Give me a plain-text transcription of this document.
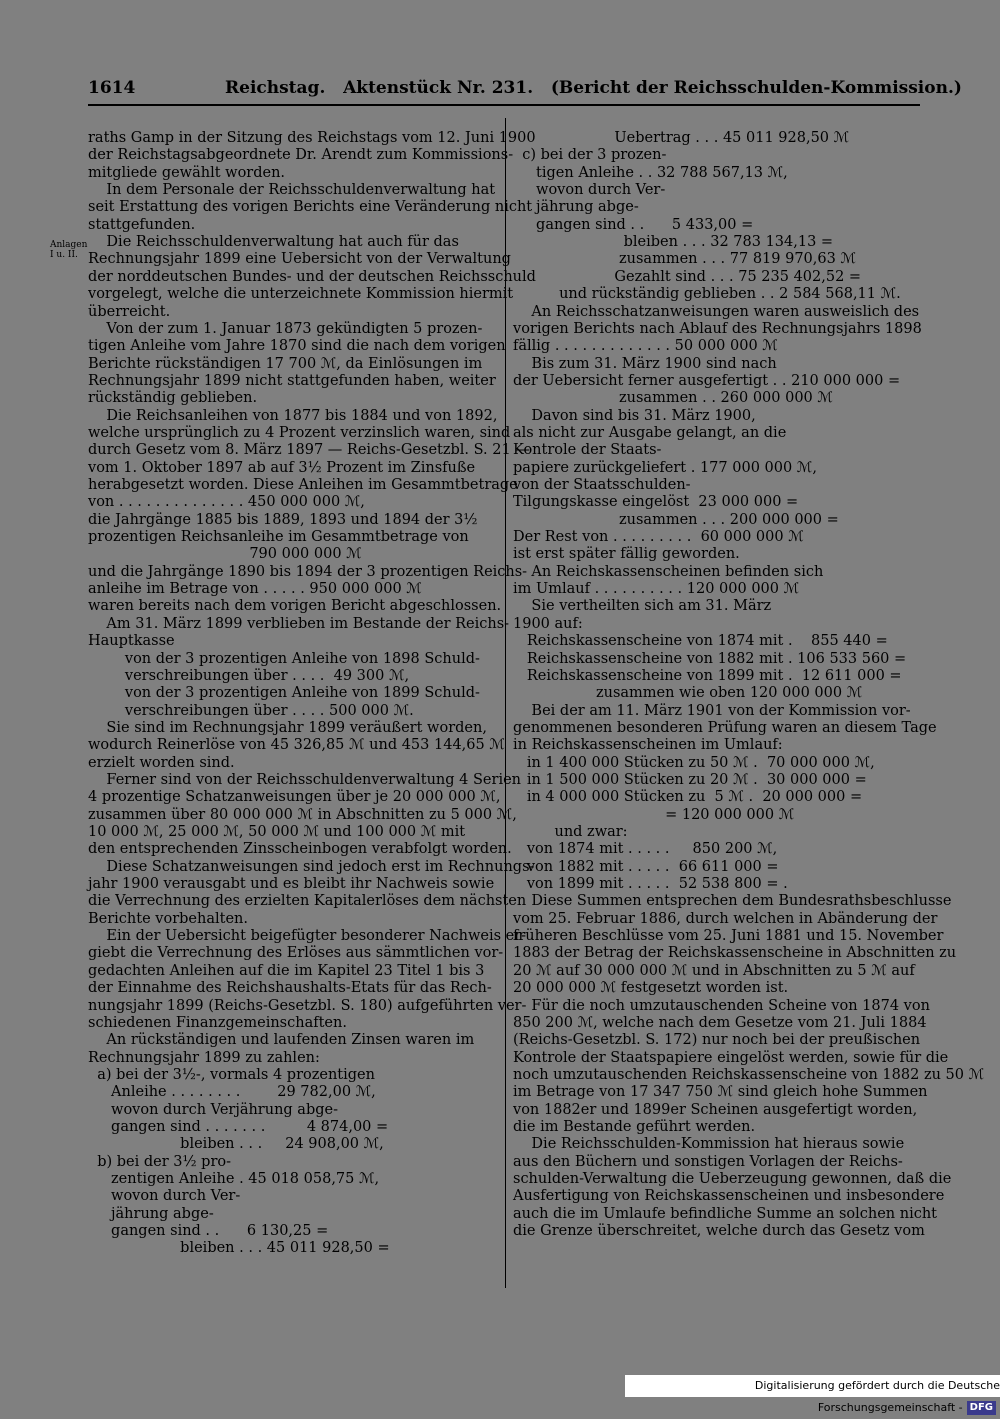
1614	Reichstag.   Aktenstück Nr. 231.   (Bericht der Reichsschulden-Kommission.)
Anlagen
I u. II.
raths Gamp in der Sitzung des Reichstags vom 12. Juni 1900
der Reichstagsabgeordnete Dr. Arendt zum Kommissions-
mitgliede gewählt worden.
In dem Personale der Reichsschuldenverwaltung hat
seit Erstattung des vorigen Berichts eine Veränderung nicht
stattgefunden.
Die Reichsschuldenverwaltung hat auch für das
Rechnungsjahr 1899 eine Uebersicht von der Verwaltung
der norddeutschen Bundes- und der deutschen Reichsschuld
vorgelegt, welche die unterzeichnete Kommission hiermit
überreicht.
Von der zum 1. Januar 1873 gekündigten 5 prozen-
tigen Anleihe vom Jahre 1870 sind die nach dem vorigen
Berichte rückständigen 17 700 ℳ, da Einlösungen im
Rechnungsjahr 1899 nicht stattgefunden haben, weiter
rückständig geblieben.
Die Reichsanleihen von 1877 bis 1884 und von 1892,
welche ursprünglich zu 4 Prozent verzinslich waren, sind
durch Gesetz vom 8. März 1897 — Reichs-Gesetzbl. S. 21 —
vom 1. Oktober 1897 ab auf 3½ Prozent im Zinsfuße
herabgesetzt worden. Diese Anleihen im Gesammtbetrage
von . . . . . . . . . . . . . . 450 000 000 ℳ,
die Jahrgänge 1885 bis 1889, 1893 und 1894 der 3½
prozentigen Reichsanleihe im Gesammtbetrage von
790 000 000 ℳ
und die Jahrgänge 1890 bis 1894 der 3 prozentigen Reichs-
anleihe im Betrage von . . . . . 950 000 000 ℳ
waren bereits nach dem vorigen Bericht abgeschlossen.
Am 31. März 1899 verblieben im Bestande der Reichs-
Hauptkasse
von der 3 prozentigen Anleihe von 1898 Schuld-
verschreibungen über . . . .  49 300 ℳ,
von der 3 prozentigen Anleihe von 1899 Schuld-
verschreibungen über . . . . 500 000 ℳ.
Sie sind im Rechnungsjahr 1899 veräußert worden,
wodurch Reinerlöse von 45 326,85 ℳ und 453 144,65 ℳ
erzielt worden sind.
Ferner sind von der Reichsschuldenverwaltung 4 Serien
4 prozentige Schatzanweisungen über je 20 000 000 ℳ,
zusammen über 80 000 000 ℳ in Abschnitten zu 5 000 ℳ,
10 000 ℳ, 25 000 ℳ, 50 000 ℳ und 100 000 ℳ mit
den entsprechenden Zinsscheinbogen verabfolgt worden.
Diese Schatzanweisungen sind jedoch erst im Rechnungs-
jahr 1900 verausgabt und es bleibt ihr Nachweis sowie
die Verrechnung des erzielten Kapitalerlöses dem nächsten
Berichte vorbehalten.
Ein der Uebersicht beigefügter besonderer Nachweis er-
giebt die Verrechnung des Erlöses aus sämmtlichen vor-
gedachten Anleihen auf die im Kapitel 23 Titel 1 bis 3
der Einnahme des Reichshaushalts-Etats für das Rech-
nungsjahr 1899 (Reichs-Gesetzbl. S. 180) aufgeführten ver-
schiedenen Finanzgemeinschaften.
An rückständigen und laufenden Zinsen waren im
Rechnungsjahr 1899 zu zahlen:
a) bei der 3½-, vormals 4 prozentigen
Anleihe . . . . . . . .        29 782,00 ℳ,
wovon durch Verjährung abge-
gangen sind . . . . . . .         4 874,00 =
bleiben . . .     24 908,00 ℳ,
b) bei der 3½ pro-
zentigen Anleihe . 45 018 058,75 ℳ,
wovon durch Ver-
jährung abge-
gangen sind . .      6 130,25 =
bleiben . . . 45 011 928,50 =
Uebertrag . . . 45 011 928,50 ℳ
c) bei der 3 prozen-
tigen Anleihe . . 32 788 567,13 ℳ,
wovon durch Ver-
jährung abge-
gangen sind . .      5 433,00 =
bleiben . . . 32 783 134,13 =
zusammen . . . 77 819 970,63 ℳ
Gezahlt sind . . . 75 235 402,52 =
und rückständig geblieben . . 2 584 568,11 ℳ.
An Reichsschatzanweisungen waren ausweislich des
vorigen Berichts nach Ablauf des Rechnungsjahrs 1898
fällig . . . . . . . . . . . . . 50 000 000 ℳ
Bis zum 31. März 1900 sind nach
der Uebersicht ferner ausgefertigt . . 210 000 000 =
zusammen . . 260 000 000 ℳ
Davon sind bis 31. März 1900,
als nicht zur Ausgabe gelangt, an die
Kontrole der Staats-
papiere zurückgeliefert . 177 000 000 ℳ,
von der Staatsschulden-
Tilgungskasse eingelöst  23 000 000 =
zusammen . . . 200 000 000 =
Der Rest von . . . . . . . . .  60 000 000 ℳ
ist erst später fällig geworden.
An Reichskassenscheinen befinden sich
im Umlauf . . . . . . . . . . 120 000 000 ℳ
Sie vertheilten sich am 31. März
1900 auf:
Reichskassenscheine von 1874 mit .    855 440 =
Reichskassenscheine von 1882 mit . 106 533 560 =
Reichskassenscheine von 1899 mit .  12 611 000 =
zusammen wie oben 120 000 000 ℳ
Bei der am 11. März 1901 von der Kommission vor-
genommenen besonderen Prüfung waren an diesem Tage
in Reichskassenscheinen im Umlauf:
in 1 400 000 Stücken zu 50 ℳ .  70 000 000 ℳ,
in 1 500 000 Stücken zu 20 ℳ .  30 000 000 =
in 4 000 000 Stücken zu  5 ℳ .  20 000 000 =
= 120 000 000 ℳ
und zwar:
von 1874 mit . . . . .     850 200 ℳ,
von 1882 mit . . . . .  66 611 000 =
von 1899 mit . . . . .  52 538 800 = .
Diese Summen entsprechen dem Bundesrathsbeschlusse
vom 25. Februar 1886, durch welchen in Abänderung der
früheren Beschlüsse vom 25. Juni 1881 und 15. November
1883 der Betrag der Reichskassenscheine in Abschnitten zu
20 ℳ auf 30 000 000 ℳ und in Abschnitten zu 5 ℳ auf
20 000 000 ℳ festgesetzt worden ist.
Für die noch umzutauschenden Scheine von 1874 von
850 200 ℳ, welche nach dem Gesetze vom 21. Juli 1884
(Reichs-Gesetzbl. S. 172) nur noch bei der preußischen
Kontrole der Staatspapiere eingelöst werden, sowie für die
noch umzutauschenden Reichskassenscheine von 1882 zu 50 ℳ
im Betrage von 17 347 750 ℳ sind gleich hohe Summen
von 1882er und 1899er Scheinen ausgefertigt worden,
die im Bestande geführt werden.
Die Reichsschulden-Kommission hat hieraus sowie
aus den Büchern und sonstigen Vorlagen der Reichs-
schulden-Verwaltung die Ueberzeugung gewonnen, daß die
Ausfertigung von Reichskassenscheinen und insbesondere
auch die im Umlaufe befindliche Summe an solchen nicht
die Grenze überschreitet, welche durch das Gesetz vom
Digitalisierung gefördert durch die Deutsche Forschungsgemeinschaft - DFG
